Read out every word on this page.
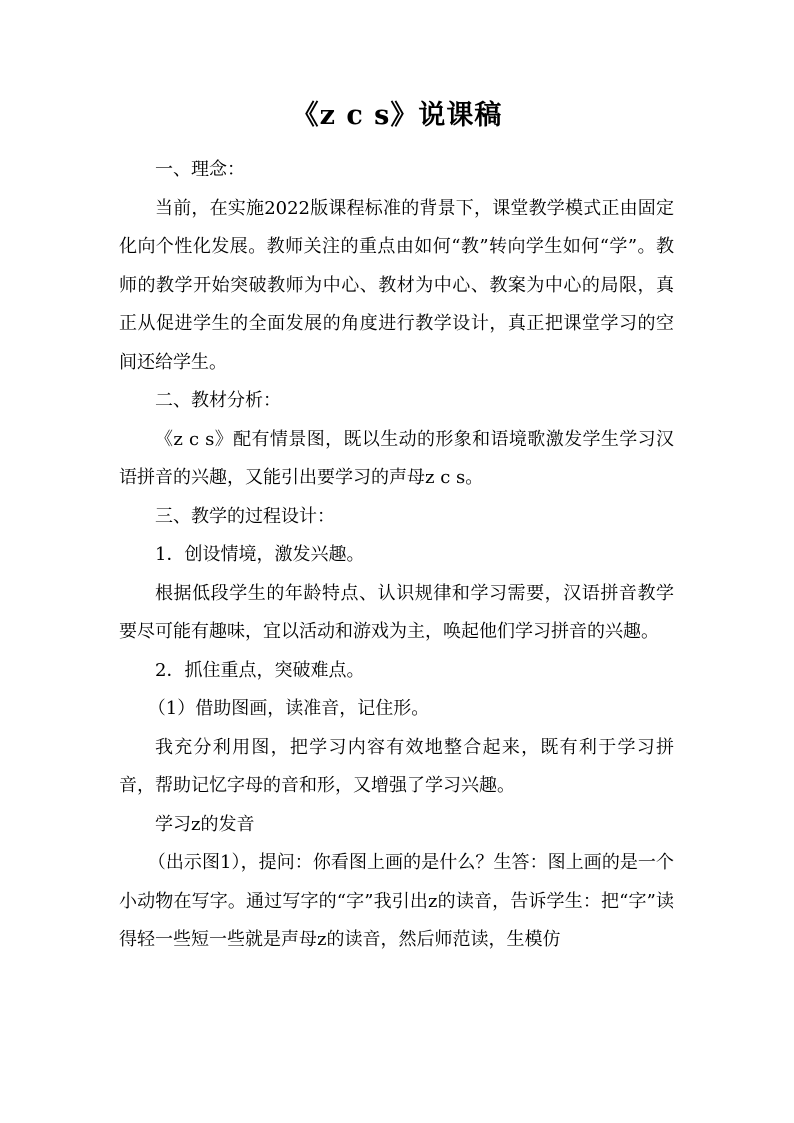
《z c s》说课稿

一、理念：

当前，在实施2022版课程标准的背景下，课堂教学模式正由固定化向个性化发展。教师关注的重点由如何“教”转向学生如何“学”。教师的教学开始突破教师为中心、教材为中心、教案为中心的局限，真正从促进学生的全面发展的角度进行教学设计，真正把课堂学习的空间还给学生。

二、教材分析：

《z c s》配有情景图，既以生动的形象和语境歌激发学生学习汉语拼音的兴趣，又能引出要学习的声母z c s。

三、教学的过程设计：

1．创设情境，激发兴趣。

根据低段学生的年龄特点、认识规律和学习需要，汉语拼音教学要尽可能有趣味，宜以活动和游戏为主，唤起他们学习拼音的兴趣。

2．抓住重点，突破难点。

（1）借助图画，读准音，记住形。

我充分利用图，把学习内容有效地整合起来，既有利于学习拼音，帮助记忆字母的音和形，又增强了学习兴趣。

学习z的发音

（出示图1），提问：你看图上画的是什么？生答：图上画的是一个小动物在写字。通过写字的“字”我引出z的读音，告诉学生：把“字”读得轻一些短一些就是声母z的读音，然后师范读，生模仿
